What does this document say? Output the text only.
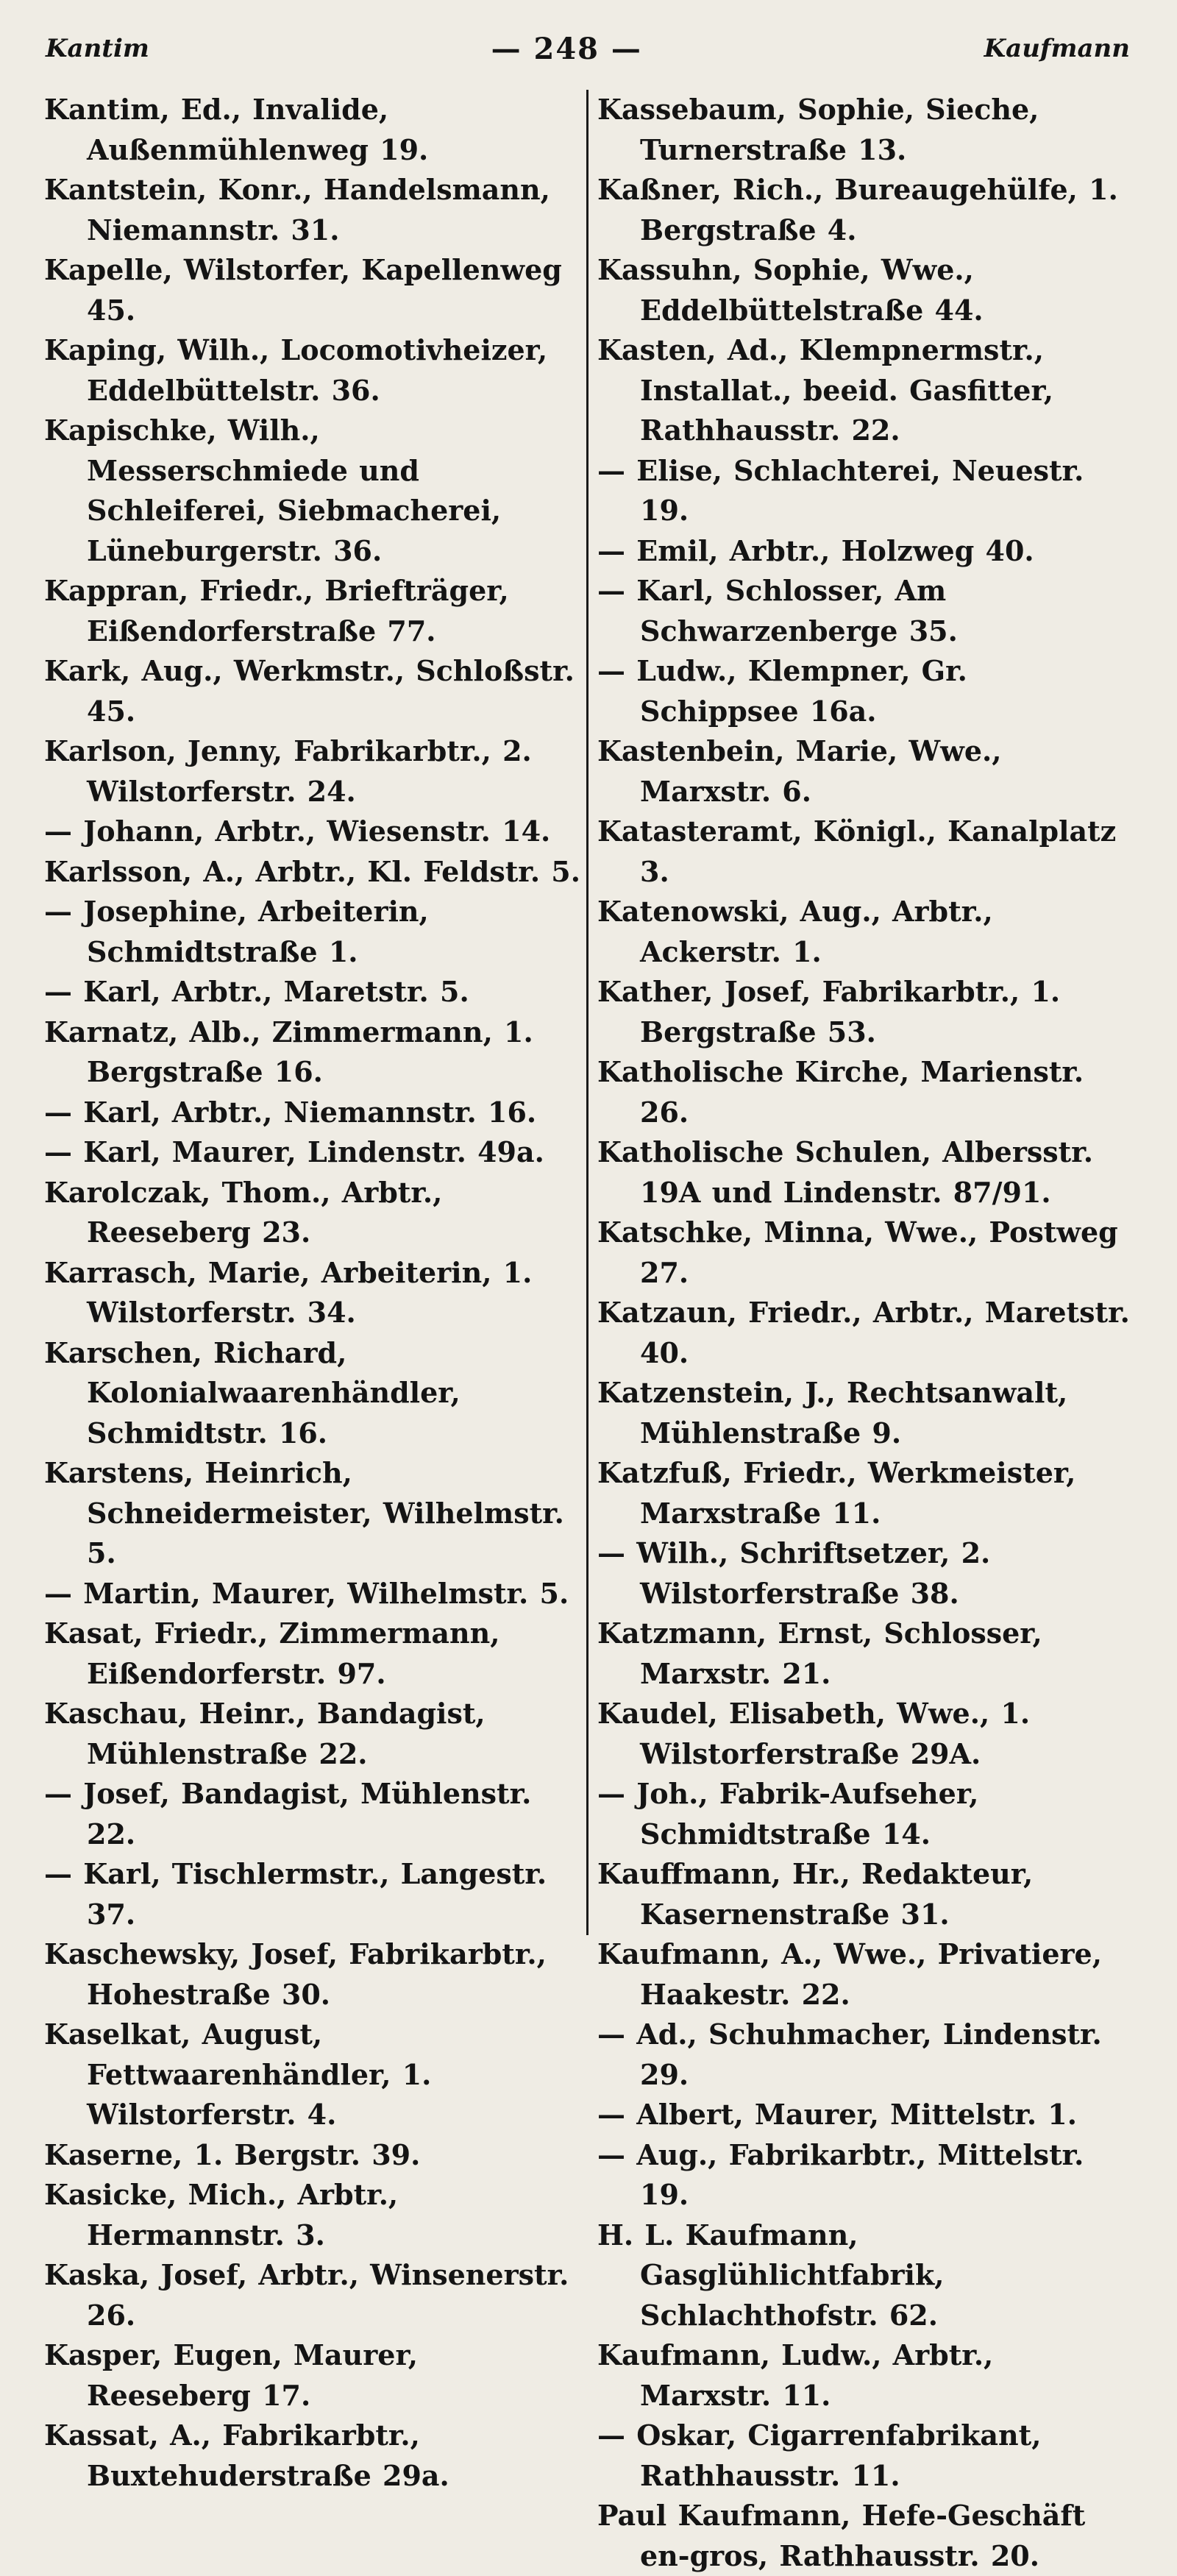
Kantim	— 248 —	Kaufmann
Kantim, Ed., Invalide, Außenmühlenweg 19.
Kantstein, Konr., Handelsmann, Niemannstr. 31.
Kapelle, Wilstorfer, Kapellenweg 45.
Kaping, Wilh., Locomotivheizer, Eddelbüttelstr. 36.
Kapischke, Wilh., Messerschmiede und Schleiferei, Siebmacherei, Lüneburgerstr. 36.
Kappran, Friedr., Briefträger, Eißendorferstraße 77.
Kark, Aug., Werkmstr., Schloßstr. 45.
Karlson, Jenny, Fabrikarbtr., 2. Wilstorferstr. 24.
— Johann, Arbtr., Wiesenstr. 14.
Karlsson, A., Arbtr., Kl. Feldstr. 5.
— Josephine, Arbeiterin, Schmidtstraße 1.
— Karl, Arbtr., Maretstr. 5.
Karnatz, Alb., Zimmermann, 1. Bergstraße 16.
— Karl, Arbtr., Niemannstr. 16.
— Karl, Maurer, Lindenstr. 49a.
Karolczak, Thom., Arbtr., Reeseberg 23.
Karrasch, Marie, Arbeiterin, 1. Wilstorferstr. 34.
Karschen, Richard, Kolonialwaarenhändler, Schmidtstr. 16.
Karstens, Heinrich, Schneidermeister, Wilhelmstr. 5.
— Martin, Maurer, Wilhelmstr. 5.
Kasat, Friedr., Zimmermann, Eißendorferstr. 97.
Kaschau, Heinr., Bandagist, Mühlenstraße 22.
— Josef, Bandagist, Mühlenstr. 22.
— Karl, Tischlermstr., Langestr. 37.
Kaschewsky, Josef, Fabrikarbtr., Hohestraße 30.
Kaselkat, August, Fettwaarenhändler, 1. Wilstorferstr. 4.
Kaserne, 1. Bergstr. 39.
Kasicke, Mich., Arbtr., Hermannstr. 3.
Kaska, Josef, Arbtr., Winsenerstr. 26.
Kasper, Eugen, Maurer, Reeseberg 17.
Kassat, A., Fabrikarbtr., Buxtehuderstraße 29a.
Kassebaum, Sophie, Sieche, Turnerstraße 13.
Kaßner, Rich., Bureaugehülfe, 1. Bergstraße 4.
Kassuhn, Sophie, Wwe., Eddelbüttelstraße 44.
Kasten, Ad., Klempnermstr., Installat., beeid. Gasfitter, Rathhausstr. 22.
— Elise, Schlachterei, Neuestr. 19.
— Emil, Arbtr., Holzweg 40.
— Karl, Schlosser, Am Schwarzenberge 35.
— Ludw., Klempner, Gr. Schippsee 16a.
Kastenbein, Marie, Wwe., Marxstr. 6.
Katasteramt, Königl., Kanalplatz 3.
Katenowski, Aug., Arbtr., Ackerstr. 1.
Kather, Josef, Fabrikarbtr., 1. Bergstraße 53.
Katholische Kirche, Marienstr. 26.
Katholische Schulen, Albersstr. 19A und Lindenstr. 87/91.
Katschke, Minna, Wwe., Postweg 27.
Katzaun, Friedr., Arbtr., Maretstr. 40.
Katzenstein, J., Rechtsanwalt, Mühlenstraße 9.
Katzfuß, Friedr., Werkmeister, Marxstraße 11.
— Wilh., Schriftsetzer, 2. Wilstorferstraße 38.
Katzmann, Ernst, Schlosser, Marxstr. 21.
Kaudel, Elisabeth, Wwe., 1. Wilstorferstraße 29A.
— Joh., Fabrik-Aufseher, Schmidtstraße 14.
Kauffmann, Hr., Redakteur, Kasernenstraße 31.
Kaufmann, A., Wwe., Privatiere, Haakestr. 22.
— Ad., Schuhmacher, Lindenstr. 29.
— Albert, Maurer, Mittelstr. 1.
— Aug., Fabrikarbtr., Mittelstr. 19.
H. L. Kaufmann, Gasglühlichtfabrik, Schlachthofstr. 62.
Kaufmann, Ludw., Arbtr., Marxstr. 11.
— Oskar, Cigarrenfabrikant, Rathhausstr. 11.
Paul Kaufmann, Hefe-Geschäft en-gros, Rathhausstr. 20.
